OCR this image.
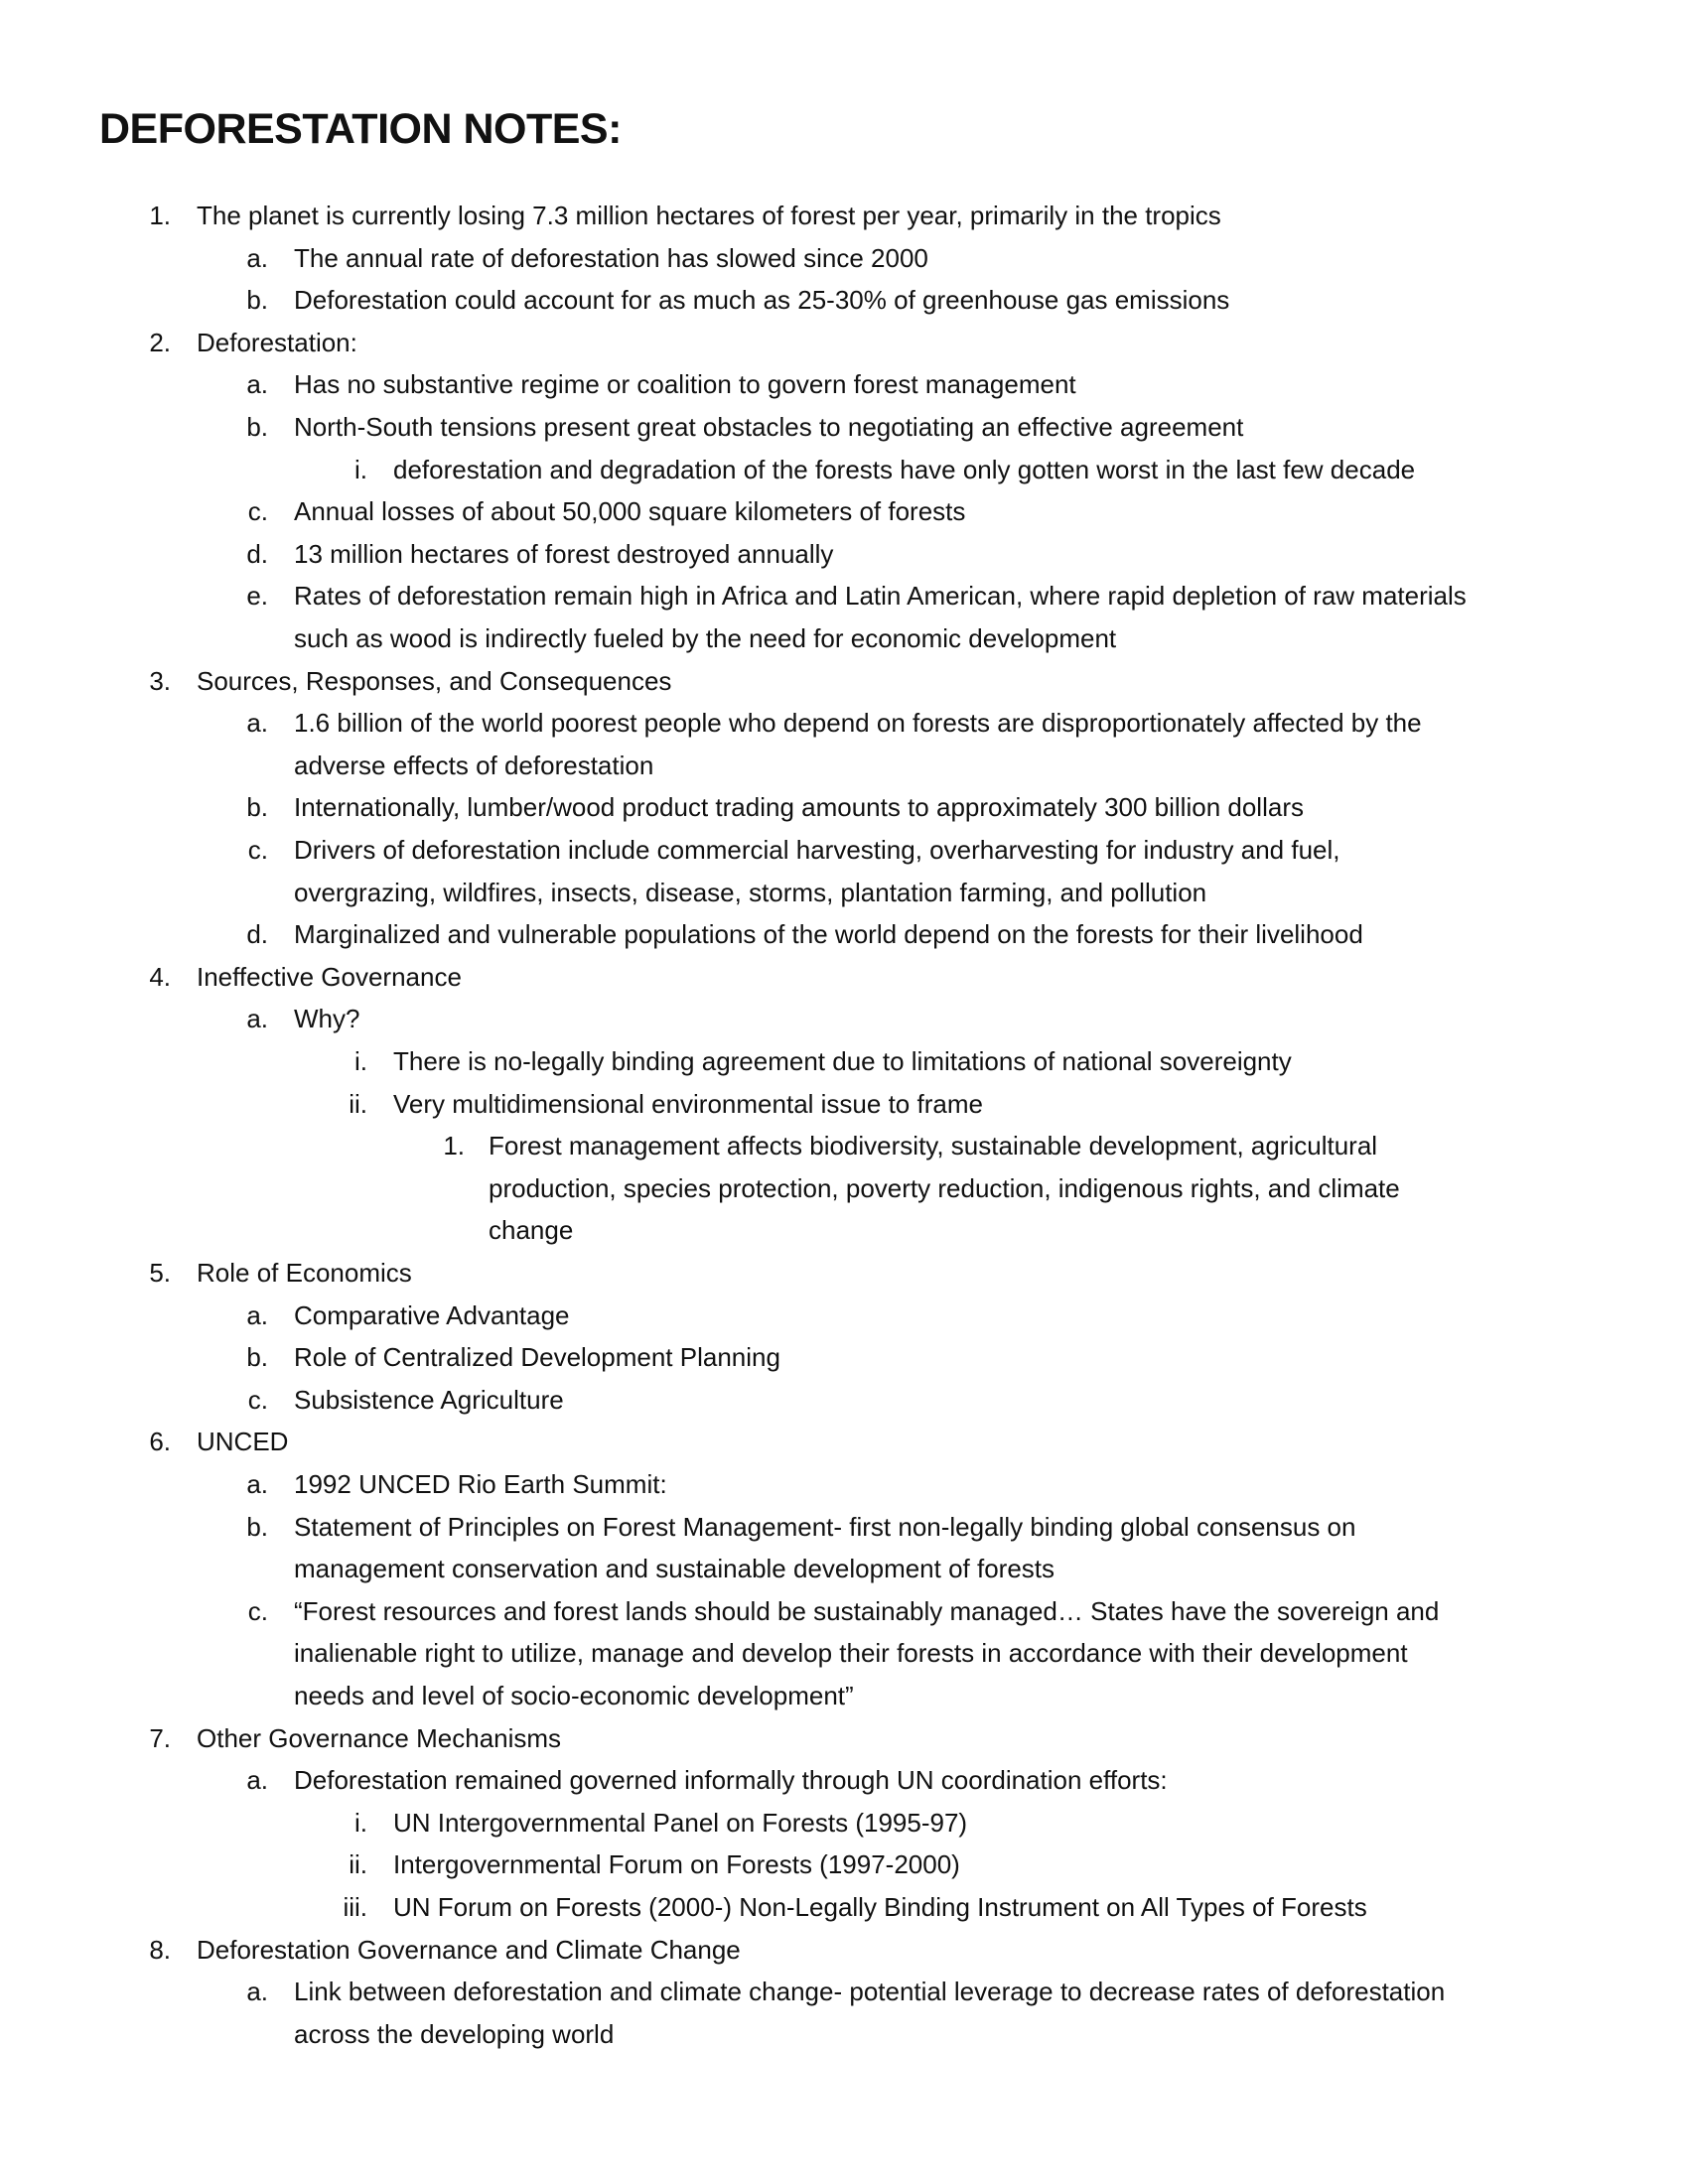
DEFORESTATION NOTES:
1. The planet is currently losing 7.3 million hectares of forest per year, primarily in the tropics
a. The annual rate of deforestation has slowed since 2000
b. Deforestation could account for as much as 25-30% of greenhouse gas emissions
2. Deforestation:
a. Has no substantive regime or coalition to govern forest management
b. North-South tensions present great obstacles to negotiating an effective agreement
i. deforestation and degradation of the forests have only gotten worst in the last few decade
c. Annual losses of about 50,000 square kilometers of forests
d. 13 million hectares of forest destroyed annually
e. Rates of deforestation remain high in Africa and Latin American, where rapid depletion of raw materials
such as wood is indirectly fueled by the need for economic development
3. Sources, Responses, and Consequences
a. 1.6 billion of the world poorest people who depend on forests are disproportionately affected by the
adverse effects of deforestation
b. Internationally, lumber/wood product trading amounts to approximately 300 billion dollars
c. Drivers of deforestation include commercial harvesting, overharvesting for industry and fuel,
overgrazing, wildfires, insects, disease, storms, plantation farming, and pollution
d. Marginalized and vulnerable populations of the world depend on the forests for their livelihood
4. Ineffective Governance
a. Why?
i. There is no-legally binding agreement due to limitations of national sovereignty
ii. Very multidimensional environmental issue to frame
1. Forest management affects biodiversity, sustainable development, agricultural
production, species protection, poverty reduction, indigenous rights, and climate
change
5. Role of Economics
a. Comparative Advantage
b. Role of Centralized Development Planning
c. Subsistence Agriculture
6. UNCED
a. 1992 UNCED Rio Earth Summit:
b. Statement of Principles on Forest Management- first non-legally binding global consensus on
management conservation and sustainable development of forests
c. “Forest resources and forest lands should be sustainably managed… States have the sovereign and
inalienable right to utilize, manage and develop their forests in accordance with their development
needs and level of socio-economic development”
7. Other Governance Mechanisms
a. Deforestation remained governed informally through UN coordination efforts:
i. UN Intergovernmental Panel on Forests (1995-97)
ii. Intergovernmental Forum on Forests (1997-2000)
iii. UN Forum on Forests (2000-) Non-Legally Binding Instrument on All Types of Forests
8. Deforestation Governance and Climate Change
a. Link between deforestation and climate change- potential leverage to decrease rates of deforestation
across the developing world
